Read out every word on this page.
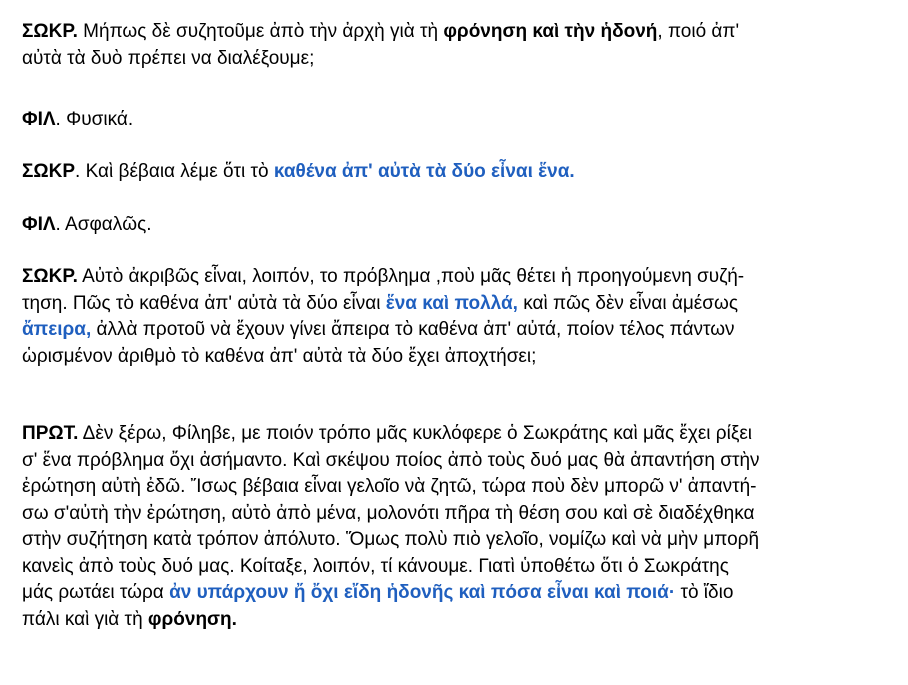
ΣΩΚΡ. Μήπως δὲ συζητοῦμε ἀπὸ τὴν ἀρχὴ γιὰ τὴ φρόνηση καὶ τὴν ἡδονή, ποιό ἀπ'
αὐτὰ τὰ δυὸ πρέπει να διαλέξουμε;

ΦΙΛ. Φυσικά.

ΣΩΚΡ. Καὶ βέβαια λέμε ὅτι τὸ καθένα ἀπ' αὐτὰ τὰ δύο εἶναι ἕνα.

ΦΙΛ. Ασφαλῶς.

ΣΩΚΡ. Αὐτὸ ἀκριβῶς εἶναι, λοιπόν, το πρόβλημα ,ποὺ μᾶς θέτει ἡ προηγούμενη συζή-
τηση. Πῶς τὸ καθένα ἀπ' αὐτὰ τὰ δύο εἶναι ἕνα καὶ πολλά, καὶ πῶς δὲν εἶναι ἀμέσως
ἄπειρα, ἀλλὰ προτοῦ νὰ ἔχουν γίνει ἄπειρα τὸ καθένα ἀπ' αὐτά, ποίον τέλος πάντων
ὡρισμένον ἀριθμὸ τὸ καθένα ἀπ' αὐτὰ τὰ δύο ἔχει ἀποχτήσει;

ΠΡΩΤ. Δὲν ξέρω, Φίληβε, με ποιόν τρόπο μᾶς κυκλόφερε ὁ Σωκράτης καὶ μᾶς ἔχει ρίξει
σ' ἕνα πρόβλημα ὄχι ἀσήμαντο. Καὶ σκέψου ποίος ἀπὸ τοὺς δυό μας θὰ ἀπαντήση στὴν
ἐρώτηση αὐτὴ ἐδῶ. Ἴσως βέβαια εἶναι γελοῖο νὰ ζητῶ, τώρα ποὺ δὲν μπορῶ ν' ἀπαντή-
σω σ'αὐτὴ τὴν ἐρώτηση, αὐτὸ ἀπὸ μένα, μολονότι πῆρα τὴ θέση σου καὶ σὲ διαδέχθηκα
στὴν συζήτηση κατὰ τρόπον ἀπόλυτο. Ὅμως πολὺ πιὸ γελοῖο, νομίζω καὶ νὰ μὴν μπορῆ
κανεὶς ἀπὸ τοὺς δυό μας. Κοίταξε, λοιπόν, τί κάνουμε. Γιατὶ ὑποθέτω ὅτι ὁ Σωκράτης
μάς ρωτάει τώρα ἀν υπάρχουν ἤ ὄχι εἴδη ἡδονῆς καὶ πόσα εἶναι καὶ ποιά· τὸ ἴδιο
πάλι καὶ γιὰ τὴ φρόνηση.
